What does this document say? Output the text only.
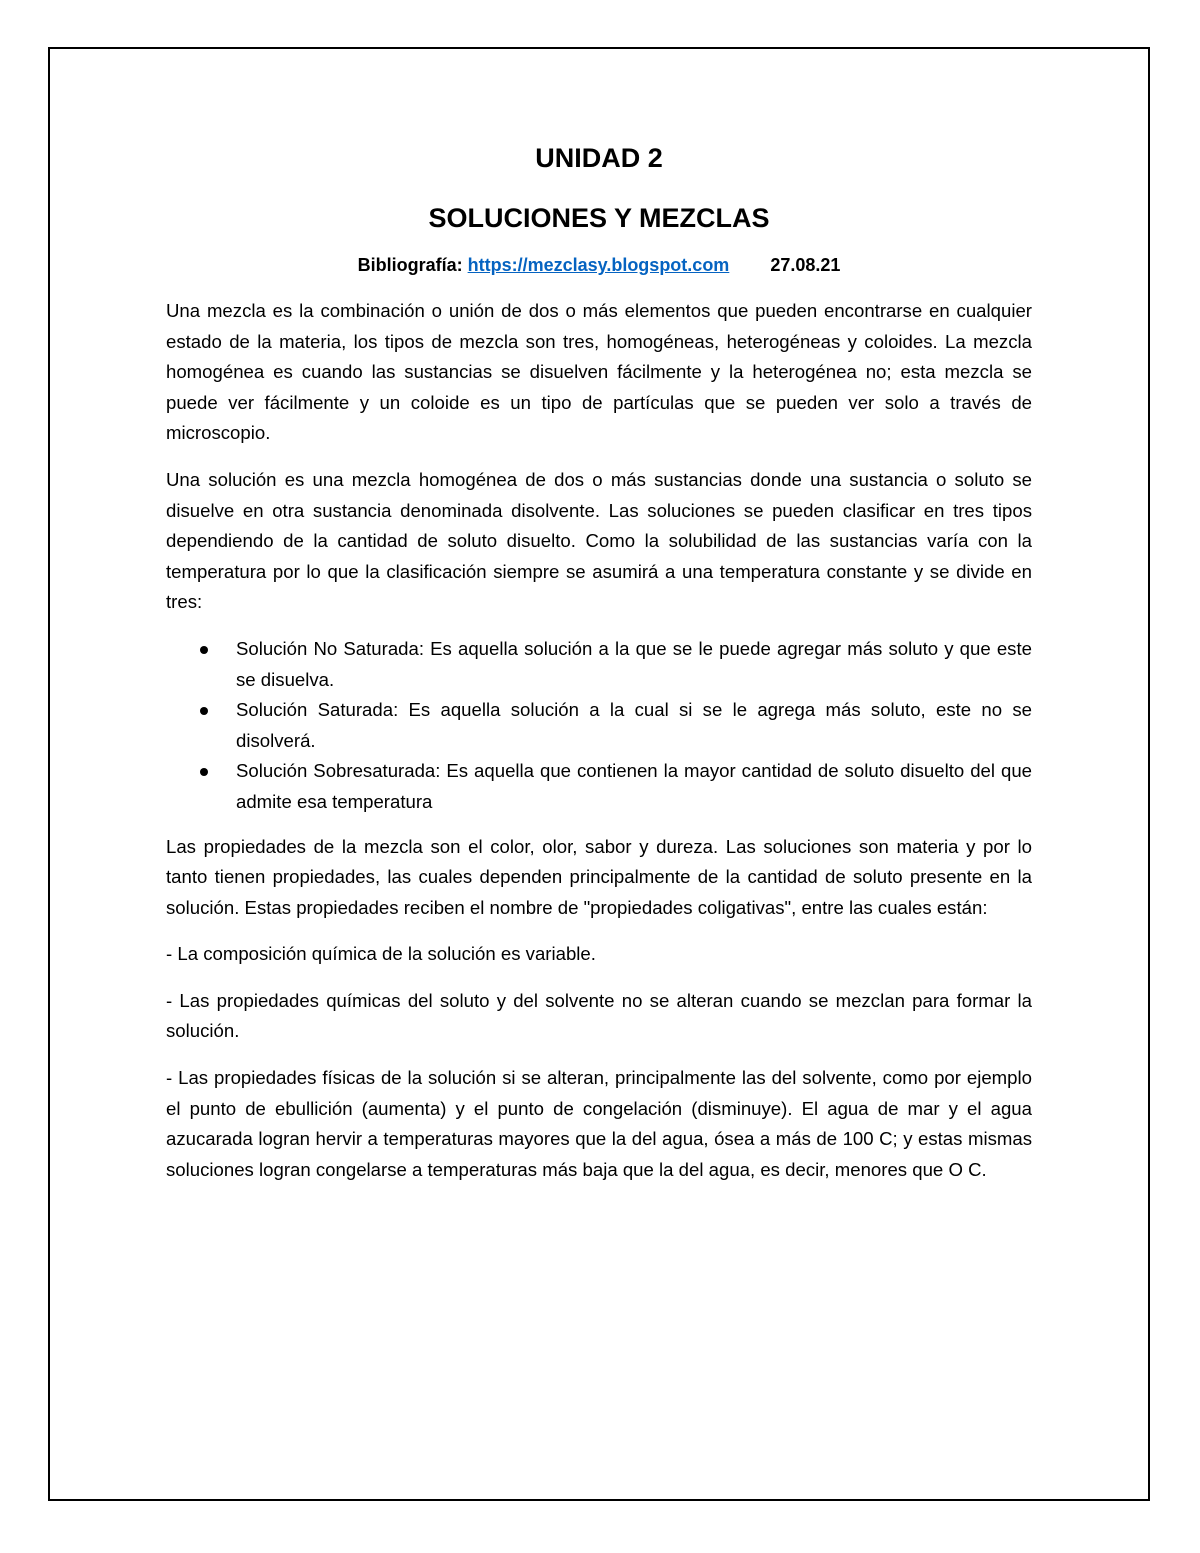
UNIDAD 2
SOLUCIONES Y MEZCLAS
Bibliografía: https://mezclasy.blogspot.com 27.08.21

Una mezcla es la combinación o unión de dos o más elementos que pueden encontrarse en cualquier estado de la materia, los tipos de mezcla son tres, homogéneas, heterogéneas y coloides. La mezcla homogénea es cuando las sustancias se disuelven fácilmente y la heterogénea no; esta mezcla se puede ver fácilmente y un coloide es un tipo de partículas que se pueden ver solo a través de microscopio.

Una solución es una mezcla homogénea de dos o más sustancias donde una sustancia o soluto se disuelve en otra sustancia denominada disolvente. Las soluciones se pueden clasificar en tres tipos dependiendo de la cantidad de soluto disuelto. Como la solubilidad de las sustancias varía con la temperatura por lo que la clasificación siempre se asumirá a una temperatura constante y se divide en tres:

Solución No Saturada: Es aquella solución a la que se le puede agregar más soluto y que este se disuelva.
Solución Saturada: Es aquella solución a la cual si se le agrega más soluto, este no se disolverá.
Solución Sobresaturada: Es aquella que contienen la mayor cantidad de soluto disuelto del que admite esa temperatura

Las propiedades de la mezcla son el color, olor, sabor y dureza. Las soluciones son materia y por lo tanto tienen propiedades, las cuales dependen principalmente de la cantidad de soluto presente en la solución. Estas propiedades reciben el nombre de "propiedades coligativas", entre las cuales están:

- La composición química de la solución es variable.

- Las propiedades químicas del soluto y del solvente no se alteran cuando se mezclan para formar la solución.

- Las propiedades físicas de la solución si se alteran, principalmente las del solvente, como por ejemplo el punto de ebullición (aumenta) y el punto de congelación (disminuye). El agua de mar y el agua azucarada logran hervir a temperaturas mayores que la del agua, ósea a más de 100 C; y estas mismas soluciones logran congelarse a temperaturas más baja que la del agua, es decir, menores que O C.
